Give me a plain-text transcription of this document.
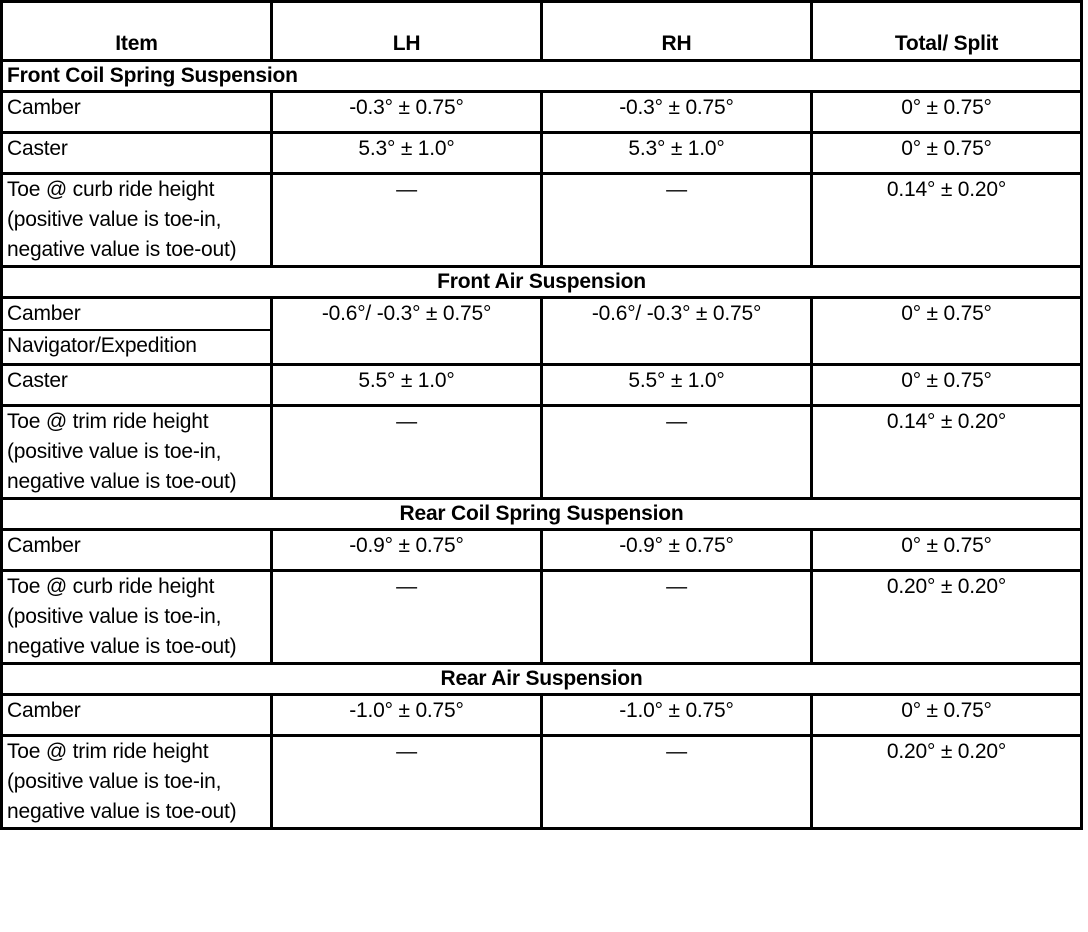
Item	LH	RH	Total/ Split
Front Coil Spring Suspension			
Camber	-0.3° ± 0.75°	-0.3° ± 0.75°	0° ± 0.75°
Caster	5.3° ± 1.0°	5.3° ± 1.0°	0° ± 0.75°

Toe @ curb ride height
(positive value is toe-in,
negative value is toe-out)	—	—	0.14° ± 0.20°
Front Air Suspension			

Camber
Navigator/Expedition	-0.6°/ -0.3° ± 0.75°	-0.6°/ -0.3° ± 0.75°	0° ± 0.75°
Caster	5.5° ± 1.0°	5.5° ± 1.0°	0° ± 0.75°

Toe @ trim ride height
(positive value is toe-in,
negative value is toe-out)	—	—	0.14° ± 0.20°
Rear Coil Spring Suspension			
Camber	-0.9° ± 0.75°	-0.9° ± 0.75°	0° ± 0.75°

Toe @ curb ride height
(positive value is toe-in,
negative value is toe-out)	—	—	0.20° ± 0.20°
Rear Air Suspension			
Camber	-1.0° ± 0.75°	-1.0° ± 0.75°	0° ± 0.75°

Toe @ trim ride height
(positive value is toe-in,
negative value is toe-out)	—	—	0.20° ± 0.20°
